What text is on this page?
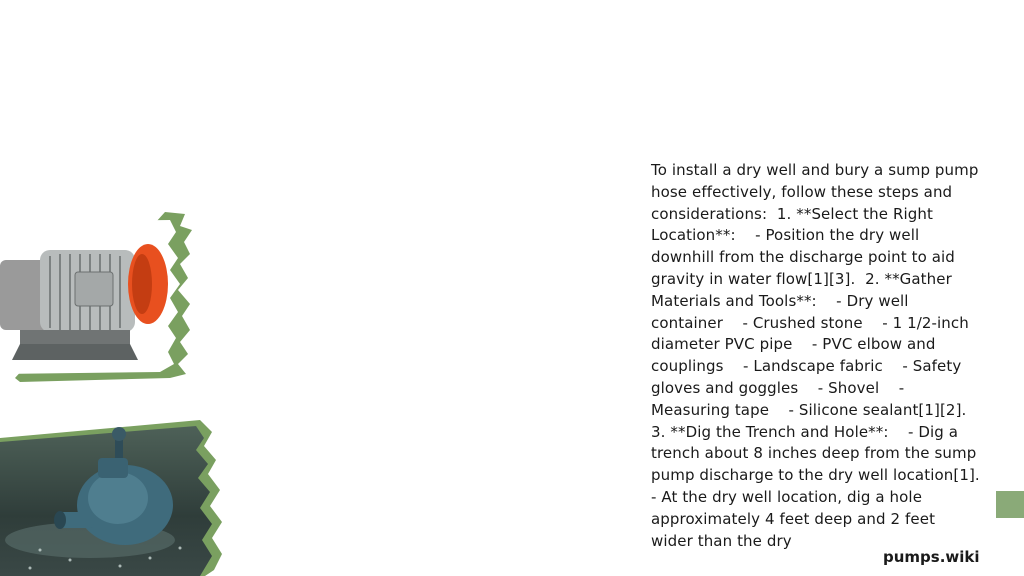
To install a dry well and bury a sump pump hose effectively, follow these steps and considerations:  1. **Select the Right Location**:    - Position the dry well downhill from the discharge point to aid gravity in water flow[1][3].  2. **Gather Materials and Tools**:    - Dry well container    - Crushed stone    - 1 1/2-inch diameter PVC pipe    - PVC elbow and couplings    - Landscape fabric    - Safety gloves and goggles    - Shovel    - Measuring tape    - Silicone sealant[1][2].  3. **Dig the Trench and Hole**:    - Dig a trench about 8 inches deep from the sump pump discharge to the dry well location[1].    - At the dry well location, dig a hole approximately 4 feet deep and 2 feet wider than the dry
pumps.wiki
